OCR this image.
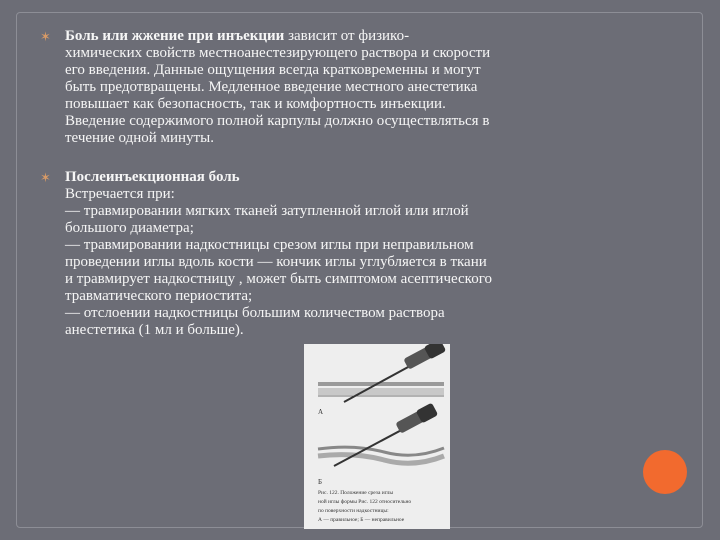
✶ Боль или жжение при инъекции зависит от физико-
химических свойств местноанестезирующего раствора и скорости
его введения. Данные ощущения всегда кратковременны и могут
быть предотвращены. Медленное введение местного анестетика
повышает как безопасность, так и комфортность инъекции.
Введение содержимого полной карпулы должно осуществляться в
течение одной минуты.
✶ Послеинъекционная боль
Встречается при:
— травмировании мягких тканей затупленной иглой или иглой
большого диаметра;
— травмировании надкостницы срезом иглы при неправильном
проведении иглы вдоль кости — кончик иглы углубляется в ткани
и травмирует надкостницу , может быть симптомом асептического
травматического периостита;
— отслоении надкостницы большим количеством раствора
анестетика (1 мл и больше).
А
Б
Рис. 122. Положение среза иглы
ной иглы формы Рис. 122 относительно
по поверхности надкостницы:
А — правильное; Б — неправильное
